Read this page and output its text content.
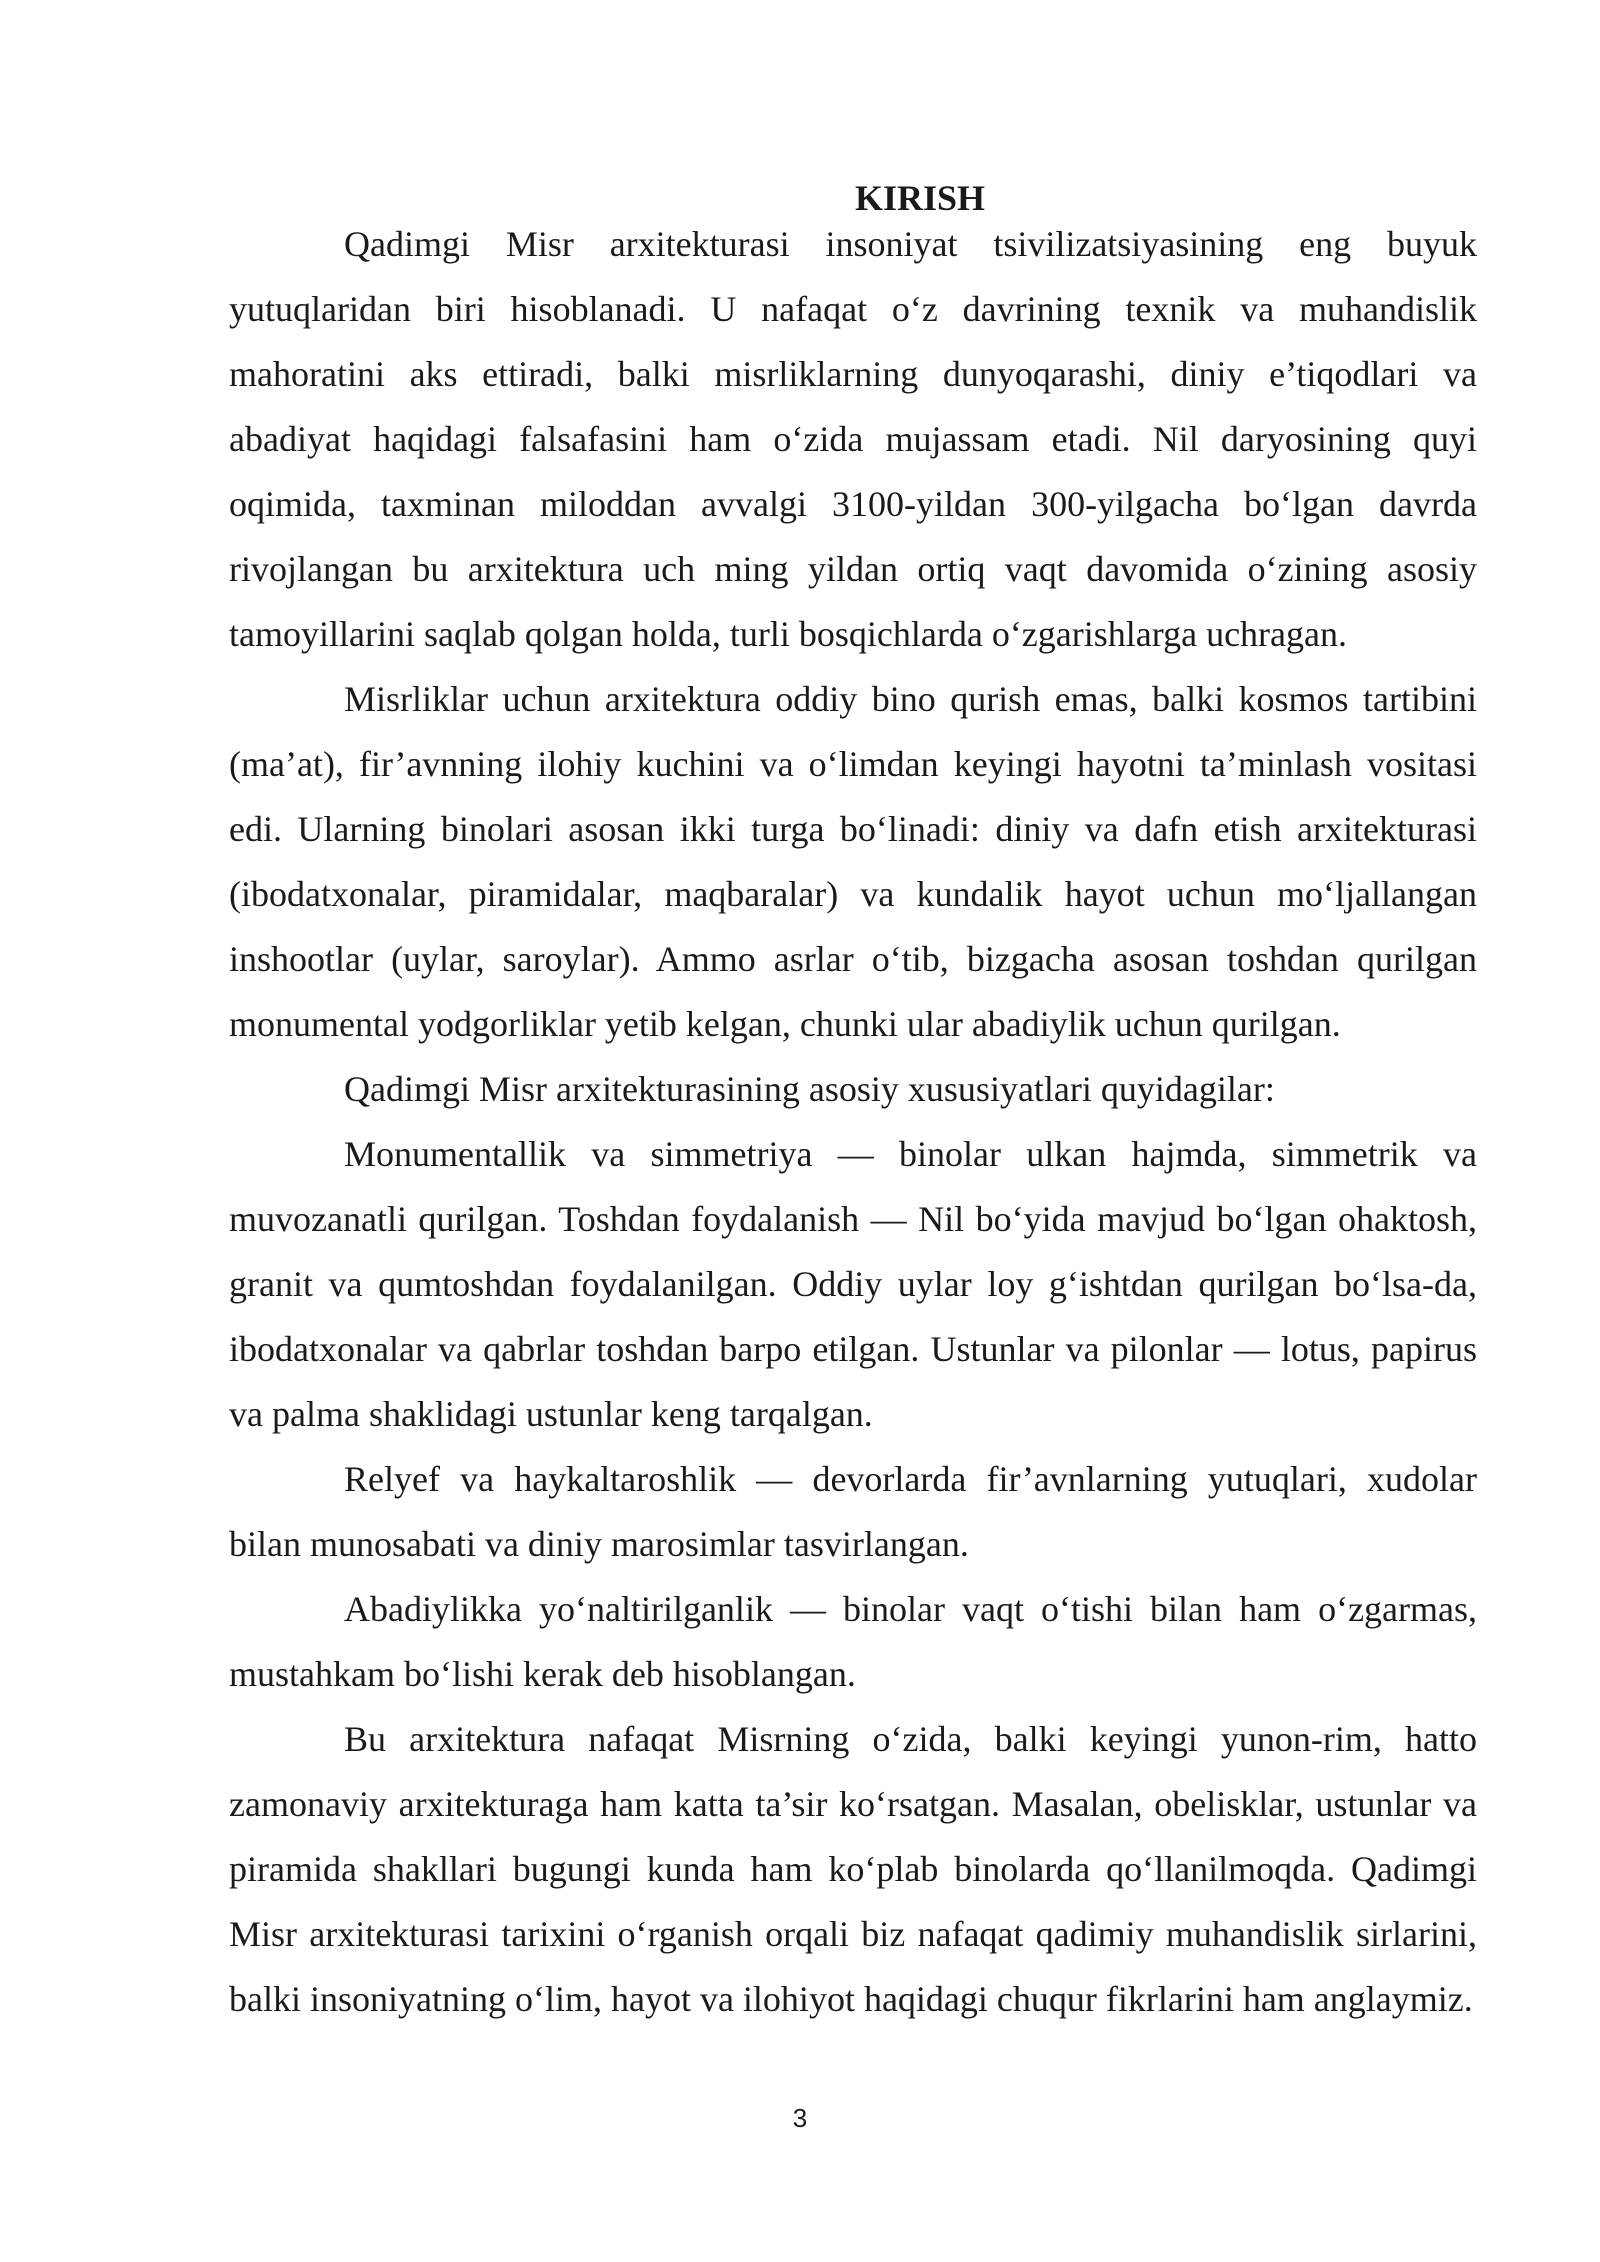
KIRISH

Qadimgi Misr arxitekturasi insoniyat tsivilizatsiyasining eng buyuk yutuqlaridan biri hisoblanadi. U nafaqat o‘z davrining texnik va muhandislik mahoratini aks ettiradi, balki misrliklarning dunyoqarashi, diniy e’tiqodlari va abadiyat haqidagi falsafasini ham o‘zida mujassam etadi. Nil daryosining quyi oqimida, taxminan miloddan avvalgi 3100-yildan 300-yilgacha bo‘lgan davrda rivojlangan bu arxitektura uch ming yildan ortiq vaqt davomida o‘zining asosiy tamoyillarini saqlab qolgan holda, turli bosqichlarda o‘zgarishlarga uchragan.

Misrliklar uchun arxitektura oddiy bino qurish emas, balki kosmos tartibini (ma’at), fir’avnning ilohiy kuchini va o‘limdan keyingi hayotni ta’minlash vositasi edi. Ularning binolari asosan ikki turga bo‘linadi: diniy va dafn etish arxitekturasi (ibodatxonalar, piramidalar, maqbaralar) va kundalik hayot uchun mo‘ljallangan inshootlar (uylar, saroylar). Ammo asrlar o‘tib, bizgacha asosan toshdan qurilgan monumental yodgorliklar yetib kelgan, chunki ular abadiylik uchun qurilgan.

Qadimgi Misr arxitekturasining asosiy xususiyatlari quyidagilar:

Monumentallik va simmetriya — binolar ulkan hajmda, simmetrik va muvozanatli qurilgan. Toshdan foydalanish — Nil bo‘yida mavjud bo‘lgan ohaktosh, granit va qumtoshdan foydalanilgan. Oddiy uylar loy g‘ishtdan qurilgan bo‘lsa-da, ibodatxonalar va qabrlar toshdan barpo etilgan. Ustunlar va pilonlar — lotus, papirus va palma shaklidagi ustunlar keng tarqalgan.

Relyef va haykaltaroshlik — devorlarda fir’avnlarning yutuqlari, xudolar bilan munosabati va diniy marosimlar tasvirlangan.

Abadiylikka yo‘naltirilganlik — binolar vaqt o‘tishi bilan ham o‘zgarmas, mustahkam bo‘lishi kerak deb hisoblangan.

Bu arxitektura nafaqat Misrning o‘zida, balki keyingi yunon-rim, hatto zamonaviy arxitekturaga ham katta ta’sir ko‘rsatgan. Masalan, obelisklar, ustunlar va piramida shakllari bugungi kunda ham ko‘plab binolarda qo‘llanilmoqda. Qadimgi Misr arxitekturasi tarixini o‘rganish orqali biz nafaqat qadimiy muhandislik sirlarini, balki insoniyatning o‘lim, hayot va ilohiyot haqidagi chuqur fikrlarini ham anglaymiz.

3
